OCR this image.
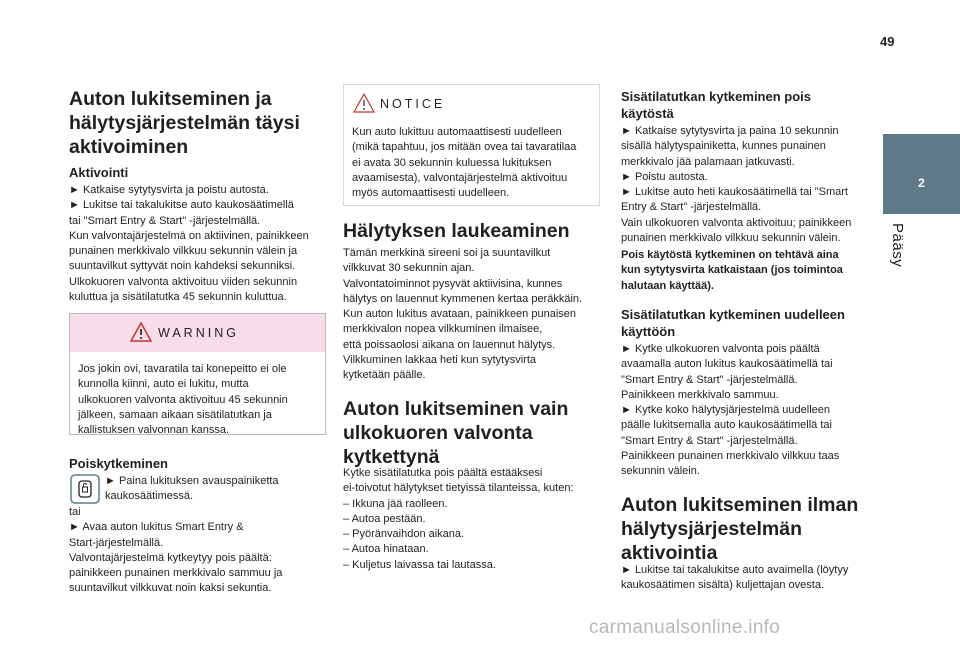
49
2
Pääsy
Auton lukitseminen ja
hälytysjärjestelmän täysi
aktivoiminen
Aktivointi
► Katkaise sytytysvirta ja poistu autosta.
► Lukitse tai takalukitse auto kaukosäätimellä
tai "Smart Entry & Start" -järjestelmällä.
Kun valvontajärjestelmä on aktiivinen, painikkeen
punainen merkkivalo vilkkuu sekunnin välein ja
suuntavilkut syttyvät noin kahdeksi sekunniksi.
Ulkokuoren valvonta aktivoituu viiden sekunnin
kuluttua ja sisätilatutka 45 sekunnin kuluttua.
WARNING
Jos jokin ovi, tavaratila tai konepeitto ei ole
kunnolla kiinni, auto ei lukitu, mutta
ulkokuoren valvonta aktivoituu 45 sekunnin
jälkeen, samaan aikaan sisätilatutkan ja
kallistuksen valvonnan kanssa.
Poiskytkeminen
► Paina lukituksen avauspainiketta
kaukosäätimessä.
tai
► Avaa auton lukitus Smart Entry &
Start-järjestelmällä.
Valvontajärjestelmä kytkeytyy pois päältä:
painikkeen punainen merkkivalo sammuu ja
suuntavilkut vilkkuvat noin kaksi sekuntia.
NOTICE
Kun auto lukittuu automaattisesti uudelleen
(mikä tapahtuu, jos mitään ovea tai tavaratilaa
ei avata 30 sekunnin kuluessa lukituksen
avaamisesta), valvontajärjestelmä aktivoituu
myös automaattisesti uudelleen.
Hälytyksen laukeaminen
Tämän merkkinä sireeni soi ja suuntavilkut
vilkkuvat 30 sekunnin ajan.
Valvontatoiminnot pysyvät aktiivisina, kunnes
hälytys on lauennut kymmenen kertaa peräkkäin.
Kun auton lukitus avataan, painikkeen punaisen
merkkivalon nopea vilkkuminen ilmaisee,
että poissaolosi aikana on lauennut hälytys.
Vilkkuminen lakkaa heti kun sytytysvirta
kytketään päälle.
Auton lukitseminen vain
ulkokuoren valvonta
kytkettynä
Kytke sisätilatutka pois päältä estääksesi
ei-toivotut hälytykset tietyissä tilanteissa, kuten:
– Ikkuna jää raolleen.
– Autoa pestään.
– Pyöränvaihdon aikana.
– Autoa hinataan.
– Kuljetus laivassa tai lautassa.
Sisätilatutkan kytkeminen pois
käytöstä
► Katkaise sytytysvirta ja paina 10 sekunnin
sisällä hälytyspainiketta, kunnes punainen
merkkivalo jää palamaan jatkuvasti.
► Poistu autosta.
► Lukitse auto heti kaukosäätimellä tai "Smart
Entry & Start" -järjestelmällä.
Vain ulkokuoren valvonta aktivoituu; painikkeen
punainen merkkivalo vilkkuu sekunnin välein.
Pois käytöstä kytkeminen on tehtävä aina
kun sytytysvirta katkaistaan (jos toimintoa
halutaan käyttää).
Sisätilatutkan kytkeminen uudelleen
käyttöön
► Kytke ulkokuoren valvonta pois päältä
avaamalla auton lukitus kaukosäätimellä tai
"Smart Entry & Start" -järjestelmällä.
Painikkeen merkkivalo sammuu.
► Kytke koko hälytysjärjestelmä uudelleen
päälle lukitsemalla auto kaukosäätimellä tai
"Smart Entry & Start" -järjestelmällä.
Painikkeen punainen merkkivalo vilkkuu taas
sekunnin välein.
Auton lukitseminen ilman
hälytysjärjestelmän
aktivointia
► Lukitse tai takalukitse auto avaimella (löytyy
kaukosäätimen sisältä) kuljettajan ovesta.
carmanualsonline.info
